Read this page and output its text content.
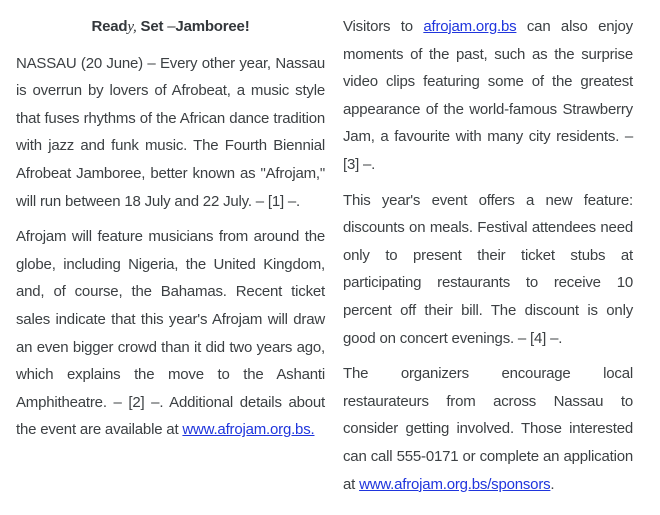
Ready, Set –Jamboree!

NASSAU (20 June) – Every other year, Nassau is overrun by lovers of Afrobeat, a music style that fuses rhythms of the African dance tradition with jazz and funk music. The Fourth Biennial Afrobeat Jamboree, better known as "Afrojam," will run between 18 July and 22 July. – [1] –.

Afrojam will feature musicians from around the globe, including Nigeria, the United Kingdom, and, of course, the Bahamas. Recent ticket sales indicate that this year's Afrojam will draw an even bigger crowd than it did two years ago, which explains the move to the Ashanti Amphitheatre. – [2] –. Additional details about the event are available at www.afrojam.org.bs.

Visitors to afrojam.org.bs can also enjoy moments of the past, such as the surprise video clips featuring some of the greatest appearance of the world-famous Strawberry Jam, a favourite with many city residents. – [3] –.

This year's event offers a new feature: discounts on meals. Festival attendees need only to present their ticket stubs at participating restaurants to receive 10 percent off their bill. The discount is only good on concert evenings. – [4] –.

The organizers encourage local restaurateurs from across Nassau to consider getting involved. Those interested can call 555-0171 or complete an application at www.afrojam.org.bs/sponsors.
